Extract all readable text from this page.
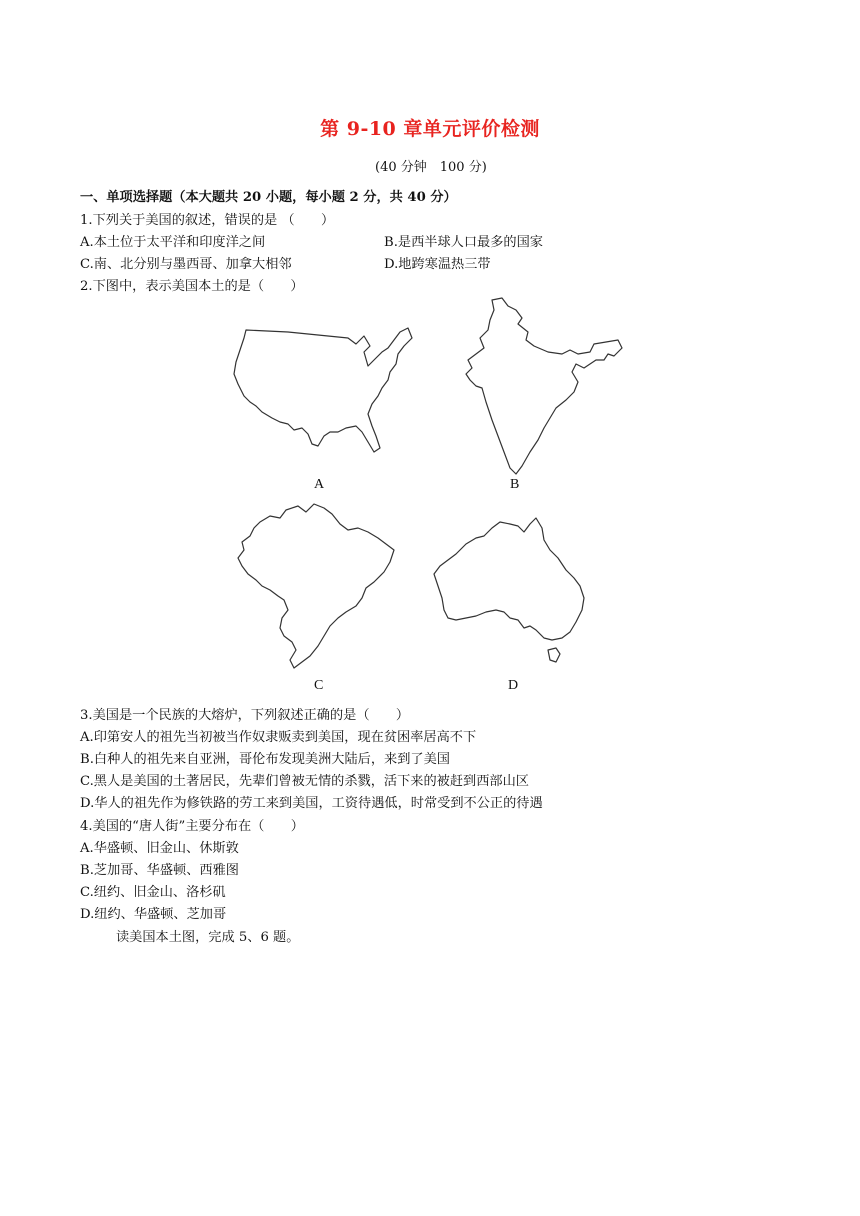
第 9-10 章单元评价检测
(40 分钟　100 分)
一、单项选择题（本大题共 20 小题，每小题 2 分，共 40 分）
1.下列关于美国的叙述，错误的是 （　　）
A.本土位于太平洋和印度洋之间	B.是西半球人口最多的国家
C.南、北分别与墨西哥、加拿大相邻	D.地跨寒温热三带
2.下图中，表示美国本土的是（　　）
A	B
C	D
3.美国是一个民族的大熔炉，下列叙述正确的是（　　）
A.印第安人的祖先当初被当作奴隶贩卖到美国，现在贫困率居高不下
B.白种人的祖先来自亚洲，哥伦布发现美洲大陆后，来到了美国
C.黑人是美国的土著居民，先辈们曾被无情的杀戮，活下来的被赶到西部山区
D.华人的祖先作为修铁路的劳工来到美国，工资待遇低，时常受到不公正的待遇
4.美国的“唐人街”主要分布在（　　）
A.华盛顿、旧金山、休斯敦
B.芝加哥、华盛顿、西雅图
C.纽约、旧金山、洛杉矶
D.纽约、华盛顿、芝加哥
读美国本土图，完成 5、6 题。
